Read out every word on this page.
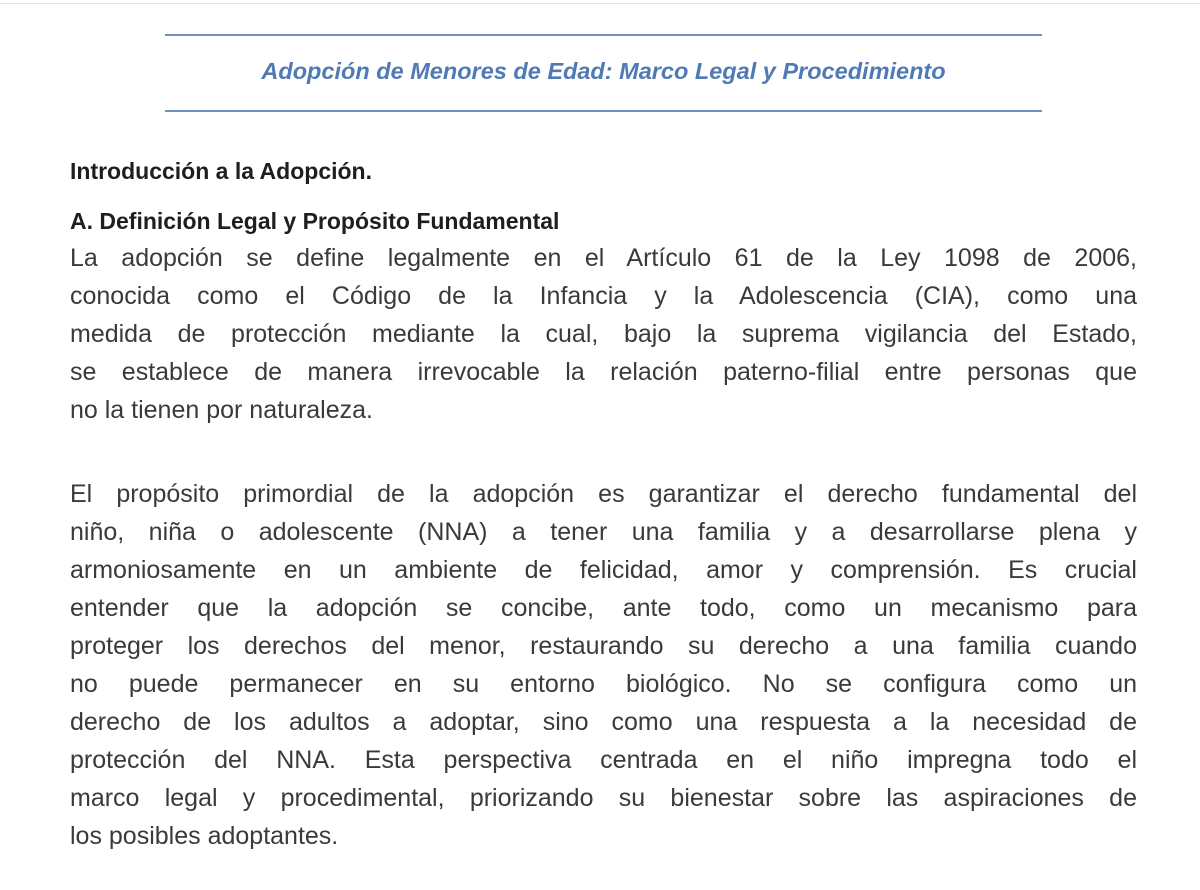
Adopción de Menores de Edad: Marco Legal y Procedimiento
Introducción a la Adopción.
A. Definición Legal y Propósito Fundamental
La adopción se define legalmente en el Artículo 61 de la Ley 1098 de 2006,
conocida como el Código de la Infancia y la Adolescencia (CIA), como una
medida de protección mediante la cual, bajo la suprema vigilancia del Estado,
se establece de manera irrevocable la relación paterno-filial entre personas que
no la tienen por naturaleza.
El propósito primordial de la adopción es garantizar el derecho fundamental del
niño, niña o adolescente (NNA) a tener una familia y a desarrollarse plena y
armoniosamente en un ambiente de felicidad, amor y comprensión. Es crucial
entender que la adopción se concibe, ante todo, como un mecanismo para
proteger los derechos del menor, restaurando su derecho a una familia cuando
no puede permanecer en su entorno biológico. No se configura como un
derecho de los adultos a adoptar, sino como una respuesta a la necesidad de
protección del NNA. Esta perspectiva centrada en el niño impregna todo el
marco legal y procedimental, priorizando su bienestar sobre las aspiraciones de
los posibles adoptantes.
